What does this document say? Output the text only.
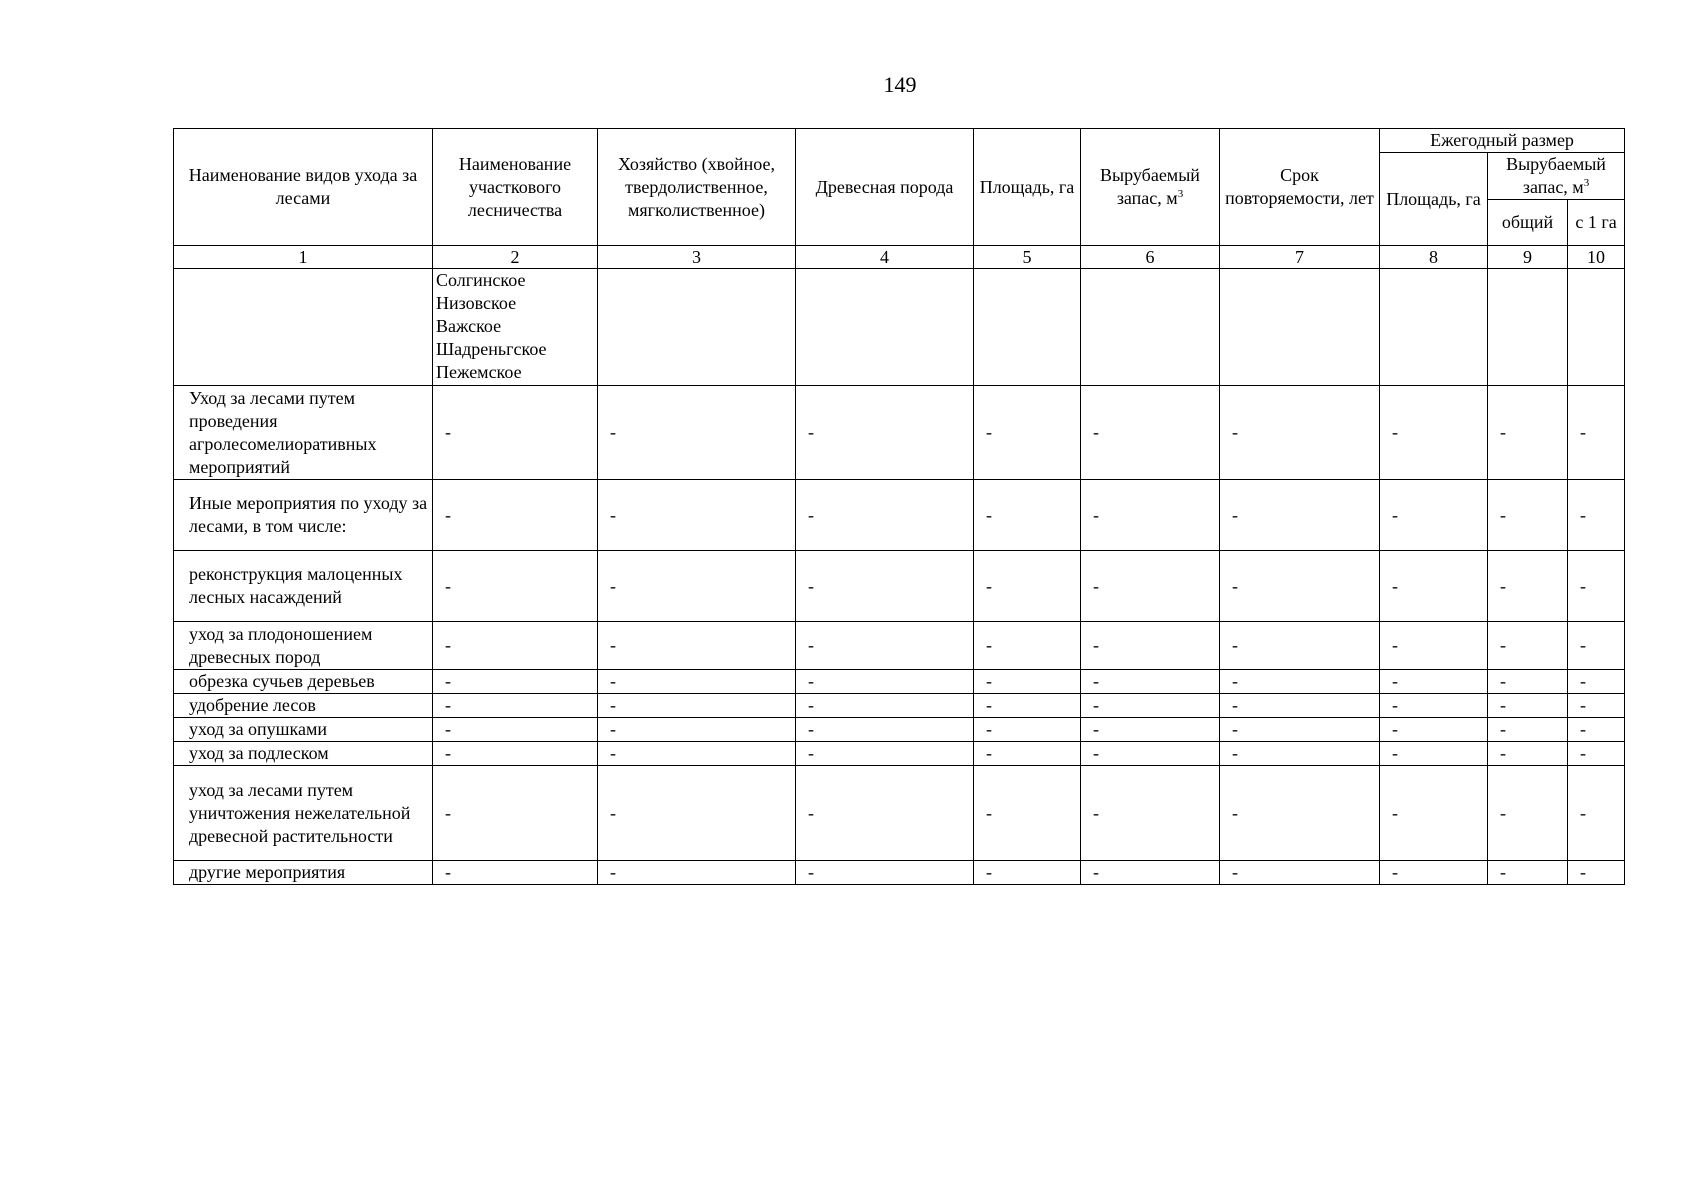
149
Наименование видов ухода за лесами	Наименование участкового лесничества	Хозяйство (хвойное, твердолиственное, мягколиственное)	Древесная порода	Площадь, га	Вырубаемый запас, $м^3$	Срок повторяемости, лет	Ежегодный размер		
							Площадь, га	Вырубаемый запас, $м^3$
								общий	с 1 га
1	2	3	4	5	6	7	8	9	10

	Солгинское
Низовское
Важское
Шадреньгское
Пежемское								

Уход за лесами путем проведения агролесомелиоративных мероприятий	-	-	-	-	-	-	-	-	-
Иные мероприятия по уходу за лесами, в том числе:	-	-	-	-	-	-	-	-	-
реконструкция малоценных лесных насаждений	-	-	-	-	-	-	-	-	-
уход за плодоношением древесных пород	-	-	-	-	-	-	-	-	-
обрезка сучьев деревьев	-	-	-	-	-	-	-	-	-
удобрение лесов	-	-	-	-	-	-	-	-	-
уход за опушками	-	-	-	-	-	-	-	-	-
уход за подлеском	-	-	-	-	-	-	-	-	-
уход за лесами путем уничтожения нежелательной древесной растительности	-	-	-	-	-	-	-	-	-
другие мероприятия	-	-	-	-	-	-	-	-	-
